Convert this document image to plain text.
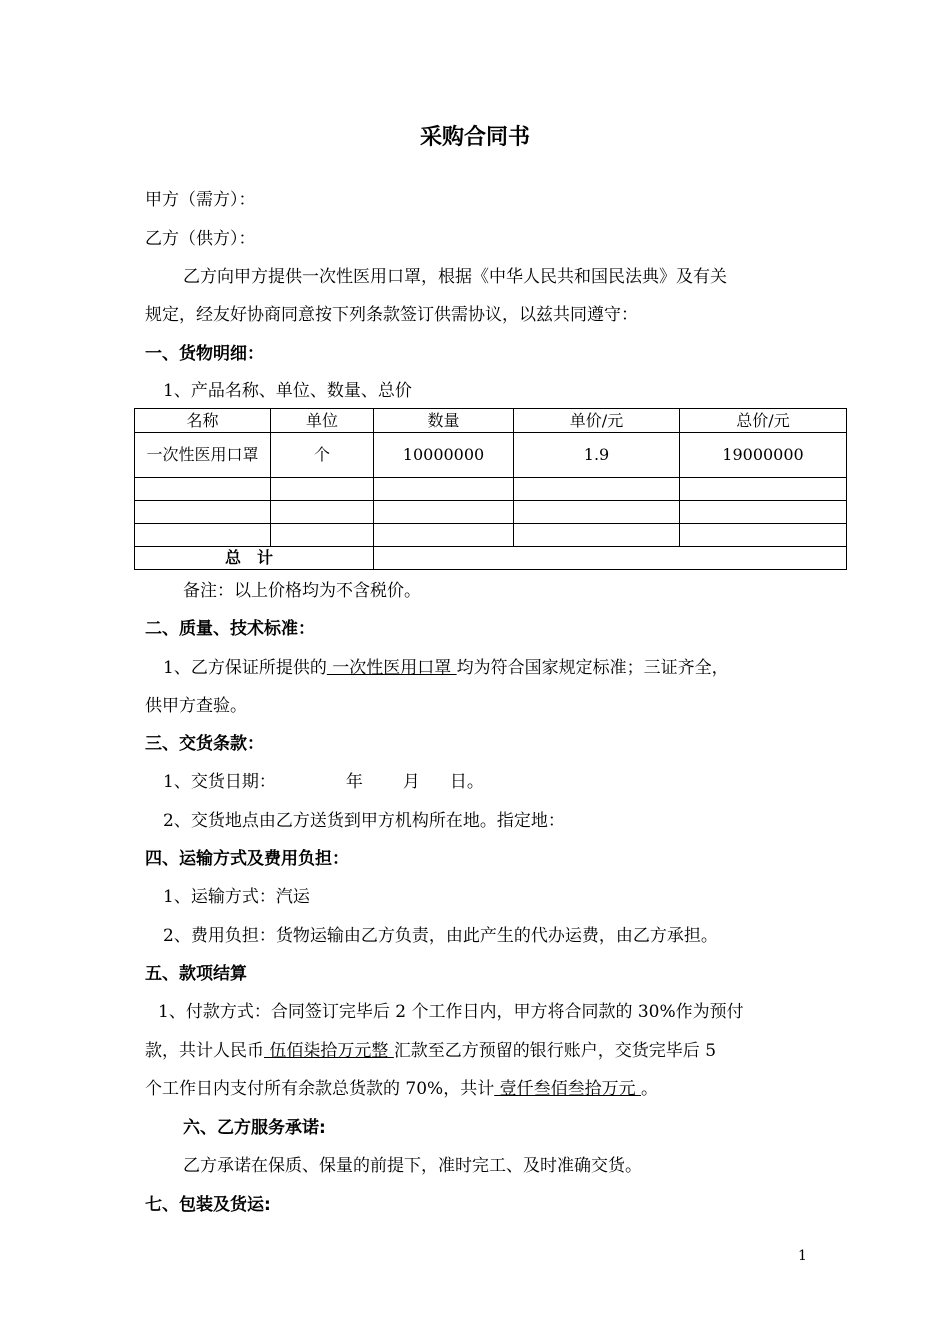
采购合同书
甲方（需方）：
乙方（供方）：
乙方向甲方提供一次性医用口罩，根据《中华人民共和国民法典》及有关
规定，经友好协商同意按下列条款签订供需协议，以兹共同遵守：
一、货物明细：
1、产品名称、单位、数量、总价
名称	单位	数量	单价/元	总价/元
一次性医用口罩	个	10000000	1.9	19000000

总　计				
备注：以上价格均为不含税价。
二、质量、技术标准：
1、乙方保证所提供的 一次性医用口罩 均为符合国家规定标准；三证齐全，
供甲方查验。
三、交货条款：
1、交货日期：	年 月 日。
2、交货地点由乙方送货到甲方机构所在地。指定地：
四、运输方式及费用负担：
1、运输方式：汽运
2、费用负担：货物运输由乙方负责，由此产生的代办运费，由乙方承担。
五、款项结算
1、付款方式：合同签订完毕后 2 个工作日内，甲方将合同款的 30%作为预付
款，共计人民币 伍佰柒拾万元整 汇款至乙方预留的银行账户，交货完毕后 5
个工作日内支付所有余款总货款的 70%，共计 壹仟叁佰叁拾万元 。
六、乙方服务承诺:
乙方承诺在保质、保量的前提下，准时完工、及时准确交货。
七、包装及货运:
1
